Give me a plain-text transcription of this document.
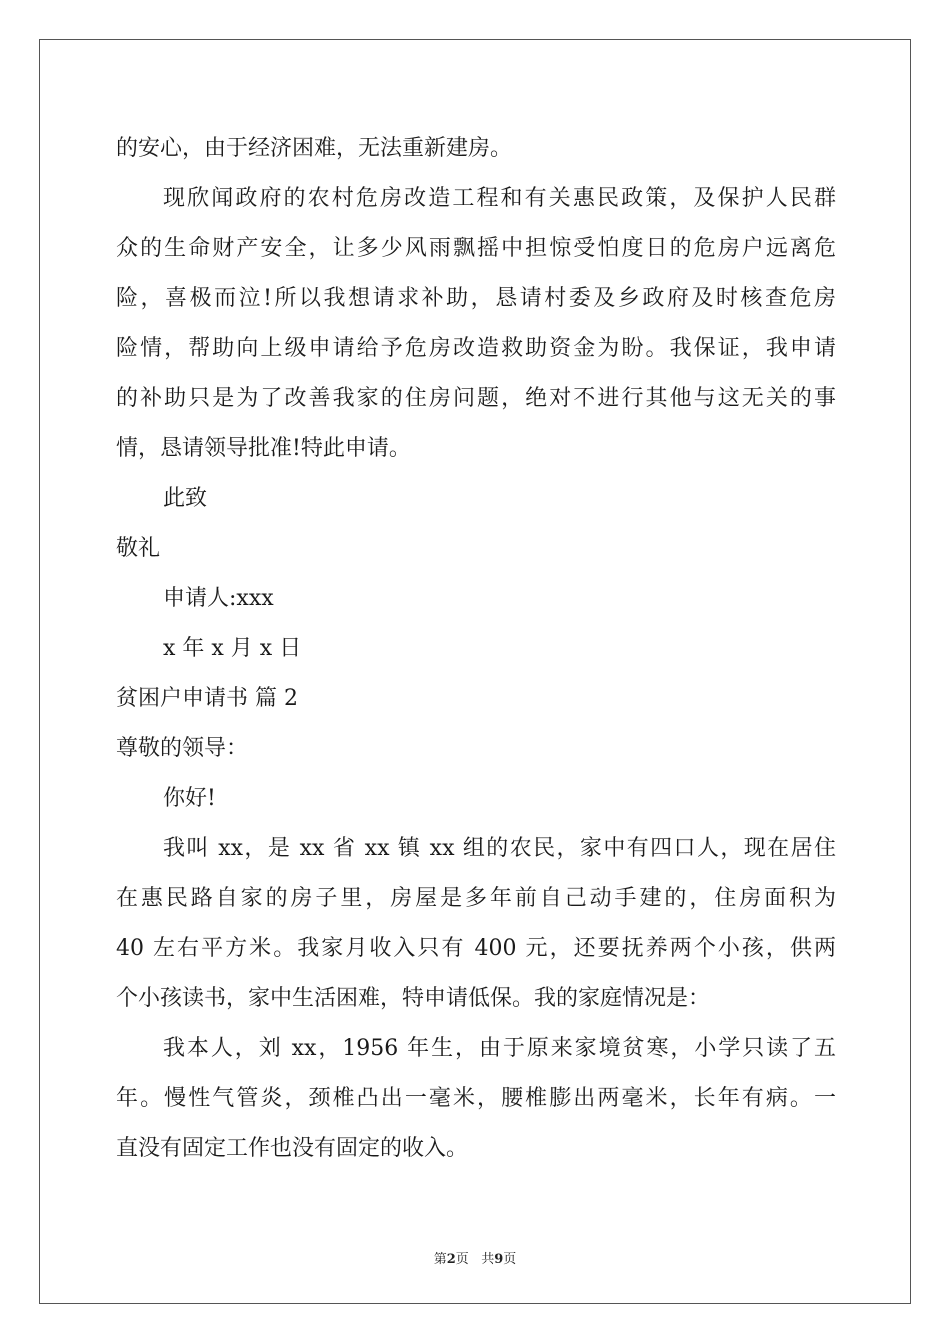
的安心，由于经济困难，无法重新建房。
现欣闻政府的农村危房改造工程和有关惠民政策，及保护人民群
众的生命财产安全，让多少风雨飘摇中担惊受怕度日的危房户远离危
险，喜极而泣!所以我想请求补助，恳请村委及乡政府及时核查危房
险情，帮助向上级申请给予危房改造救助资金为盼。我保证，我申请
的补助只是为了改善我家的住房问题，绝对不进行其他与这无关的事
情，恳请领导批准!特此申请。
此致
敬礼
申请人:xxx
x 年 x 月 x 日
贫困户申请书 篇 2
尊敬的领导：
你好!
我叫 xx，是 xx 省 xx 镇 xx 组的农民，家中有四口人，现在居住
在惠民路自家的房子里，房屋是多年前自己动手建的，住房面积为
40 左右平方米。我家月收入只有 400 元，还要抚养两个小孩，供两
个小孩读书，家中生活困难，特申请低保。我的家庭情况是：
我本人，刘 xx，1956 年生，由于原来家境贫寒，小学只读了五
年。慢性气管炎，颈椎凸出一毫米，腰椎膨出两毫米，长年有病。一
直没有固定工作也没有固定的收入。
第2页 共9页
